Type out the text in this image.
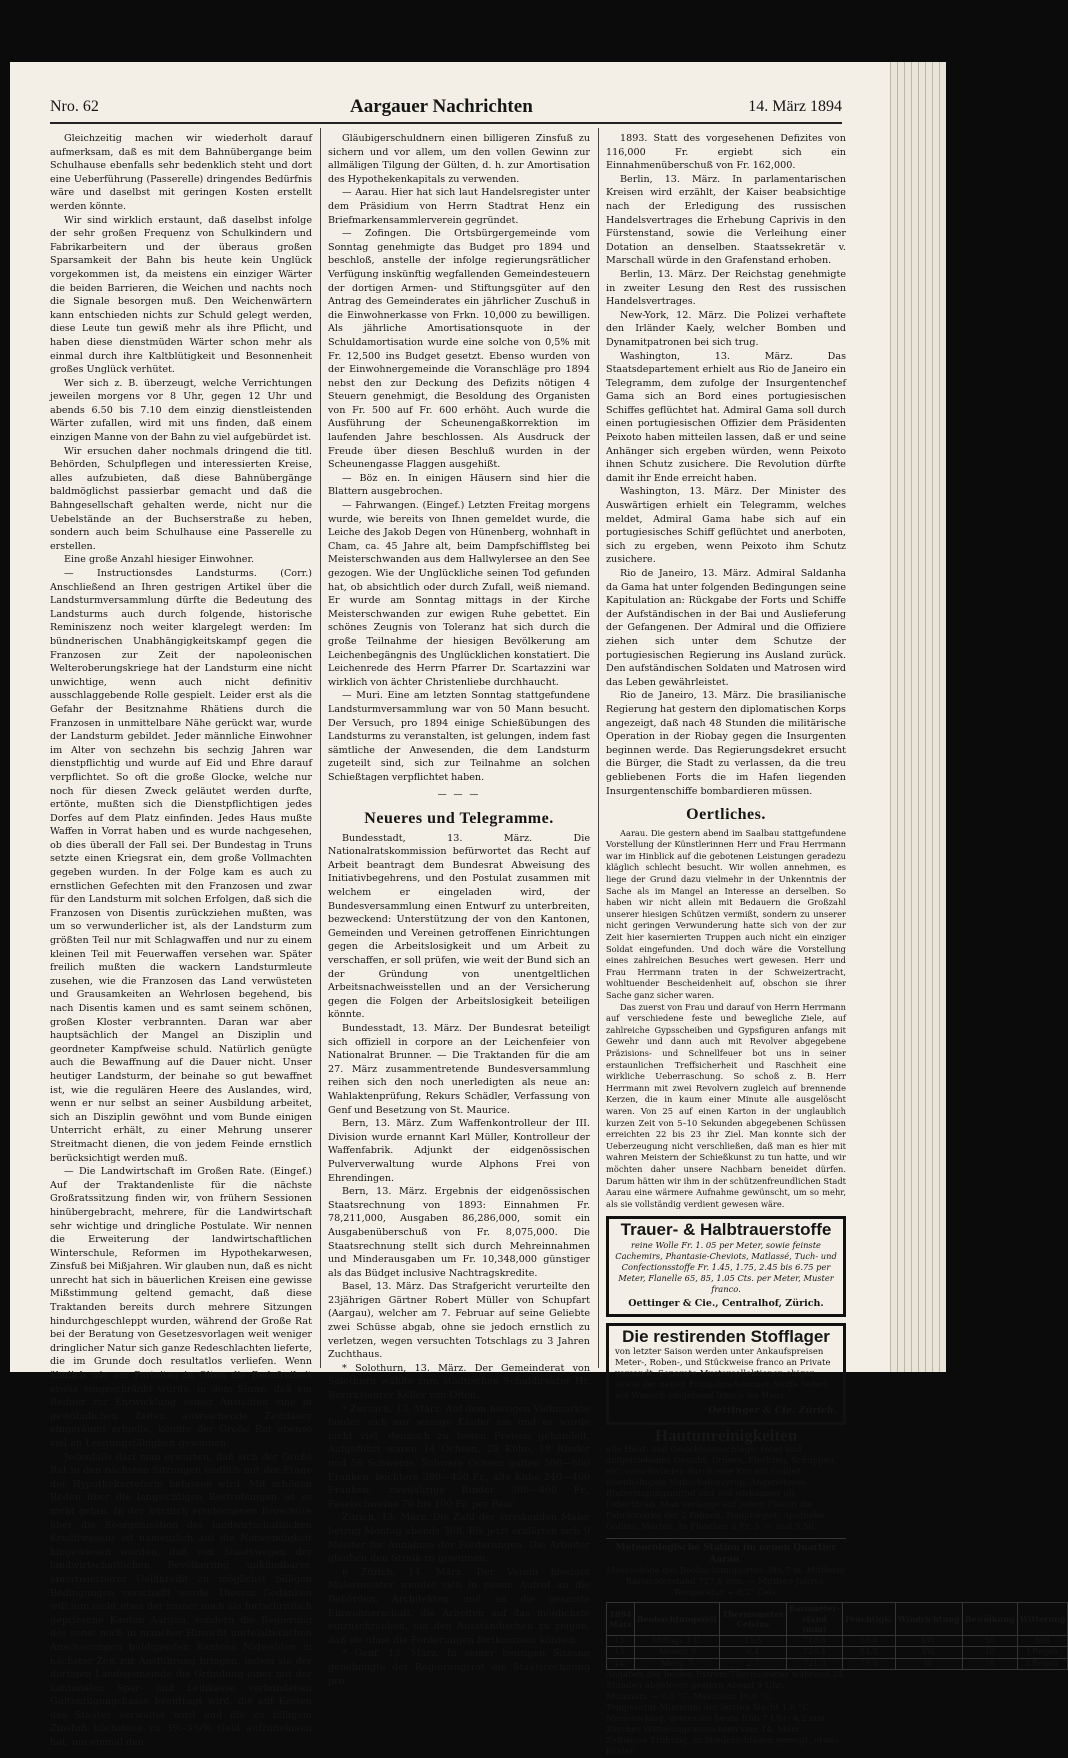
Nro. 62	Aargauer Nachrichten	14. März 1894

Gleichzeitig machen wir wiederholt darauf aufmerksam, daß es mit dem Bahnübergange beim Schulhause ebenfalls sehr bedenklich steht und dort eine Ueberführung (Passerelle) dringendes Bedürfnis wäre und daselbst mit geringen Kosten erstellt werden könnte.

Wir sind wirklich erstaunt, daß daselbst infolge der sehr großen Frequenz von Schulkindern und Fabrikarbeitern und der überaus großen Sparsamkeit der Bahn bis heute kein Unglück vorgekommen ist, da meistens ein einziger Wärter die beiden Barrieren, die Weichen und nachts noch die Signale besorgen muß. Den Weichenwärtern kann entschieden nichts zur Schuld gelegt werden, diese Leute tun gewiß mehr als ihre Pflicht, und haben diese dienstmüden Wärter schon mehr als einmal durch ihre Kaltblütigkeit und Besonnenheit großes Unglück verhütet.

Wer sich z. B. überzeugt, welche Verrichtungen jeweilen morgens vor 8 Uhr, gegen 12 Uhr und abends 6.50 bis 7.10 dem einzig dienstleistenden Wärter zufallen, wird mit uns finden, daß einem einzigen Manne von der Bahn zu viel aufgebürdet ist.

Wir ersuchen daher nochmals dringend die titl. Behörden, Schulpflegen und interessierten Kreise, alles aufzubieten, daß diese Bahnübergänge baldmöglichst passierbar gemacht und daß die Bahngesellschaft gehalten werde, nicht nur die Uebelstände an der Buchserstraße zu heben, sondern auch beim Schulhause eine Passerelle zu erstellen.

Eine große Anzahl hiesiger Einwohner.

— Instructionsdes Landsturms. (Corr.) Anschließend an Ihren gestrigen Artikel über die Landsturmversammlung dürfte die Bedeutung des Landsturms auch durch folgende, historische Reminiszenz noch weiter klargelegt werden: Im bündnerischen Unabhängigkeitskampf gegen die Franzosen zur Zeit der napoleonischen Welteroberungskriege hat der Landsturm eine nicht unwichtige, wenn auch nicht definitiv ausschlaggebende Rolle gespielt. Leider erst als die Gefahr der Besitznahme Rhätiens durch die Franzosen in unmittelbare Nähe gerückt war, wurde der Landsturm gebildet. Jeder männliche Einwohner im Alter von sechzehn bis sechzig Jahren war dienstpflichtig und wurde auf Eid und Ehre darauf verpflichtet. So oft die große Glocke, welche nur noch für diesen Zweck geläutet werden durfte, ertönte, mußten sich die Dienstpflichtigen jedes Dorfes auf dem Platz einfinden. Jedes Haus mußte Waffen in Vorrat haben und es wurde nachgesehen, ob dies überall der Fall sei. Der Bundestag in Truns setzte einen Kriegsrat ein, dem große Vollmachten gegeben wurden. In der Folge kam es auch zu ernstlichen Gefechten mit den Franzosen und zwar für den Landsturm mit solchen Erfolgen, daß sich die Franzosen von Disentis zurückziehen mußten, was um so verwunderlicher ist, als der Landsturm zum größten Teil nur mit Schlagwaffen und nur zu einem kleinen Teil mit Feuerwaffen versehen war. Später freilich mußten die wackern Landsturmleute zusehen, wie die Franzosen das Land verwüsteten und Grausamkeiten an Wehrlosen begehend, bis nach Disentis kamen und es samt seinem schönen, großen Kloster verbrannten. Daran war aber hauptsächlich der Mangel an Disziplin und geordneter Kampfweise schuld. Natürlich genügte auch die Bewaffnung auf die Dauer nicht. Unser heutiger Landsturm, der beinahe so gut bewaffnet ist, wie die regulären Heere des Auslandes, wird, wenn er nur selbst an seiner Ausbildung arbeitet, sich an Disziplin gewöhnt und vom Bunde einigen Unterricht erhält, zu einer Mehrung unserer Streitmacht dienen, die von jedem Feinde ernstlich berücksichtigt werden muß.

— Die Landwirtschaft im Großen Rate. (Eingef.) Auf der Traktandenliste für die nächste Großratssitzung finden wir, von frühern Sessionen hinübergebracht, mehrere, für die Landwirtschaft sehr wichtige und dringliche Postulate. Wir nennen die Erweiterung der landwirtschaftlichen Winterschule, Reformen im Hypothekarwesen, Zinsfuß bei Mißjahren. Wir glauben nun, daß es nicht unrecht hat sich in bäuerlichen Kreisen eine gewisse Mißstimmung geltend gemacht, daß diese Traktanden bereits durch mehrere Sitzungen hindurchgeschleppt wurden, während der Große Rat bei der Beratung von Gesetzesvorlagen weit weniger dringlicher Natur sich ganze Redeschlachten lieferte, die im Grunde doch resultatlos verliefen. Wenn ähnlich wie am Parteitag in Olten die Redefreiheit etwas eingeschränkt würde, in dem Sinne, daß ein Redner zur Entwicklung seiner Ansichten eine in gewöhnlichen Zeiten ausreichende Zeitdauer eingeräumt erhielte, könnte der Große Rat ebenso viel an Leistungsfähigkeit gewinnen.

Jedenfalls darf man erwarten, daß sich der Große Rat in den nächsten Sitzungen endlich mit der Frage der Hypothekarreform befassen wird. Mit schönen Reden über die langsichtigen Bestrebungen ist es nicht getan. In der kürzlich erschienenen Broschüre über die Reorganisation des landwirtschaftlichen Kreditwesens ist namentlich auf die Notwendigkeit hingewiesen worden, daß von Staatswegen der landwirtschaftlichen Bevölkerung unkündbarer, amortisierbarer Geldkredit zu möglichst billigen Bedingungen verschafft werde. Diesem Gedanken will nun nicht etwa der immer noch als fortschrittlich gepriesene Kanton Aargau, sondern die Regierung des sonst noch in mancher Hinsicht mittelalterlichen Anschauungen huldigenden Kantons Nidwalden in nächster Zeit zur Ausführung bringen, indem sie der dortigen Landsgemeinde die Gründung einer mit der kantonalen Spar- und Leihkasse verbundenen Gültentilgungskasse beantragt wird, die auf Kosten des Staates verwaltet wird und die zu billigem Zinsfuß höchstens zu 3½–3¾% Geld aufzunehmen hat, um einmal den

Gläubigerschuldnern einen billigeren Zinsfuß zu sichern und vor allem, um den vollen Gewinn zur allmäligen Tilgung der Gülten, d. h. zur Amortisation des Hypothekenkapitals zu verwenden.

— Aarau. Hier hat sich laut Handelsregister unter dem Präsidium von Herrn Stadtrat Henz ein Briefmarkensammlerverein gegründet.

— Zofingen. Die Ortsbürgergemeinde vom Sonntag genehmigte das Budget pro 1894 und beschloß, anstelle der infolge regierungsrätlicher Verfügung inskünftig wegfallenden Gemeindesteuern der dortigen Armen- und Stiftungsgüter auf den Antrag des Gemeinderates ein jährlicher Zuschuß in die Einwohnerkasse von Frkn. 10,000 zu bewilligen. Als jährliche Amortisationsquote in der Schuldamortisation wurde eine solche von 0,5% mit Fr. 12,500 ins Budget gesetzt. Ebenso wurden von der Einwohnergemeinde die Voranschläge pro 1894 nebst den zur Deckung des Defizits nötigen 4 Steuern genehmigt, die Besoldung des Organisten von Fr. 500 auf Fr. 600 erhöht. Auch wurde die Ausführung der Scheunengaßkorrektion im laufenden Jahre beschlossen. Als Ausdruck der Freude über diesen Beschluß wurden in der Scheunengasse Flaggen ausgehißt.

— Böz en. In einigen Häusern sind hier die Blattern ausgebrochen.

— Fahrwangen. (Eingef.) Letzten Freitag morgens wurde, wie bereits von Ihnen gemeldet wurde, die Leiche des Jakob Degen von Hünenberg, wohnhaft in Cham, ca. 45 Jahre alt, beim Dampfschifflsteg bei Meisterschwanden aus dem Hallwylersee an den See gezogen. Wie der Unglückliche seinen Tod gefunden hat, ob absichtlich oder durch Zufall, weiß niemand. Er wurde am Sonntag mittags in der Kirche Meisterschwanden zur ewigen Ruhe gebettet. Ein schönes Zeugnis von Toleranz hat sich durch die große Teilnahme der hiesigen Bevölkerung am Leichenbegängnis des Unglücklichen konstatiert. Die Leichenrede des Herrn Pfarrer Dr. Scartazzini war wirklich von ächter Christenliebe durchhaucht.

— Muri. Eine am letzten Sonntag stattgefundene Landsturmversammlung war von 50 Mann besucht. Der Versuch, pro 1894 einige Schießübungen des Landsturms zu veranstalten, ist gelungen, indem fast sämtliche der Anwesenden, die dem Landsturm zugeteilt sind, sich zur Teilnahme an solchen Schießtagen verpflichtet haben.

— — —
Neueres und Telegramme.

Bundesstadt, 13. März. Die Nationalratskommission befürwortet das Recht auf Arbeit beantragt dem Bundesrat Abweisung des Initiativbegehrens, und den Postulat zusammen mit welchem er eingeladen wird, der Bundesversammlung einen Entwurf zu unterbreiten, bezweckend: Unterstützung der von den Kantonen, Gemeinden und Vereinen getroffenen Einrichtungen gegen die Arbeitslosigkeit und um Arbeit zu verschaffen, er soll prüfen, wie weit der Bund sich an der Gründung von unentgeltlichen Arbeitsnachweisstellen und an der Versicherung gegen die Folgen der Arbeitslosigkeit beteiligen könnte.

Bundesstadt, 13. März. Der Bundesrat beteiligt sich offiziell in corpore an der Leichenfeier von Nationalrat Brunner. — Die Traktanden für die am 27. März zusammentretende Bundesversammlung reihen sich den noch unerledigten als neue an: Wahlaktenprüfung, Rekurs Schädler, Verfassung von Genf und Besetzung von St. Maurice.

Bern, 13. März. Zum Waffenkontrolleur der III. Division wurde ernannt Karl Müller, Kontrolleur der Waffenfabrik. Adjunkt der eidgenössischen Pulververwaltung wurde Alphons Frei von Ehrendingen.

Bern, 13. März. Ergebnis der eidgenössischen Staatsrechnung von 1893: Einnahmen Fr. 78,211,000, Ausgaben 86,286,000, somit ein Ausgabenüberschuß von Fr. 8,075,000. Die Staatsrechnung stellt sich durch Mehreinnahmen und Minderausgaben um Fr. 10,348,000 günstiger als das Büdget inclusive Nachtragskredite.

Basel, 13. März. Das Strafgericht verurteilte den 23jährigen Gärtner Robert Müller von Schupfart (Aargau), welcher am 7. Februar auf seine Geliebte zwei Schüsse abgab, ohne sie jedoch ernstlich zu verletzen, wegen versuchten Totschlags zu 3 Jahren Zuchthaus.

* Solothurn, 13. März. Der Gemeinderat von Solothurn wählte zum städtischen Schuldirektor Hr. Bezirkslehrer Keller von Olten.

* Zurzach, 13. März. Auf dem hiesigen Viehmarkte fanden sich nur wenige Käufer ein und es wurde nicht viel, dennoch zu festen Preisen gehandelt. Aufgeführt waren 14 Ochsen, 28 Kühe, 19 Rinder und 56 Schweine. Schwere Ochsen galten 500—600 Franken, leichtere 380—450 Fr., alte Kühe 240—400 Franken, zweijährige Rinder 300—460 Fr., Faselschweine 70 bis 100 Fr. per Paar.

Zürich, 13. März. Die Zahl der streikenden Maler betrug Montag abends 368. Bis jetzt erklärten sich 9 Meister für Annahme der Forderungen. Die Arbeiter glauben den Streik zu gewinnen.

n Zürich, 14. März. Der Verein hiesiger Malermeister wendet sich in einem Aufruf an die Behörden, Architekten und an die gesamte Einwohnerschaft, die Arbeiten auf das möglichste einzuschränken, um den Ausständischen zu zeigen, daß sie ohne die Forderungen fortkommen können.

* Genf, 13. März. In seiner heutigen Sitzung genehmigte der Regierungsrat die Staatsrechnung pro

1893. Statt des vorgesehenen Defizites von 116,000 Fr. ergiebt sich ein Einnahmenüberschuß von Fr. 162,000.

Berlin, 13. März. In parlamentarischen Kreisen wird erzählt, der Kaiser beabsichtige nach der Erledigung des russischen Handelsvertrages die Erhebung Caprivis in den Fürstenstand, sowie die Verleihung einer Dotation an denselben. Staatssekretär v. Marschall würde in den Grafenstand erhoben.

Berlin, 13. März. Der Reichstag genehmigte in zweiter Lesung den Rest des russischen Handelsvertrages.

New-York, 12. März. Die Polizei verhaftete den Irländer Kaely, welcher Bomben und Dynamitpatronen bei sich trug.

Washington, 13. März. Das Staatsdepartement erhielt aus Rio de Janeiro ein Telegramm, dem zufolge der Insurgentenchef Gama sich an Bord eines portugiesischen Schiffes geflüchtet hat. Admiral Gama soll durch einen portugiesischen Offizier dem Präsidenten Peixoto haben mitteilen lassen, daß er und seine Anhänger sich ergeben würden, wenn Peixoto ihnen Schutz zusichere. Die Revolution dürfte damit ihr Ende erreicht haben.

Washington, 13. März. Der Minister des Auswärtigen erhielt ein Telegramm, welches meldet, Admiral Gama habe sich auf ein portugiesisches Schiff geflüchtet und anerboten, sich zu ergeben, wenn Peixoto ihm Schutz zusichere.

Rio de Janeiro, 13. März. Admiral Saldanha da Gama hat unter folgenden Bedingungen seine Kapitulation an: Rückgabe der Forts und Schiffe der Aufständischen in der Bai und Auslieferung der Gefangenen. Der Admiral und die Offiziere ziehen sich unter dem Schutze der portugiesischen Regierung ins Ausland zurück. Den aufständischen Soldaten und Matrosen wird das Leben gewährleistet.

Rio de Janeiro, 13. März. Die brasilianische Regierung hat gestern den diplomatischen Korps angezeigt, daß nach 48 Stunden die militärische Operation in der Riobay gegen die Insurgenten beginnen werde. Das Regierungsdekret ersucht die Bürger, die Stadt zu verlassen, da die treu gebliebenen Forts die im Hafen liegenden Insurgentenschiffe bombardieren müssen.

Oertliches.

Aarau. Die gestern abend im Saalbau stattgefundene Vorstellung der Künstlerinnen Herr und Frau Herrmann war im Hinblick auf die gebotenen Leistungen geradezu kläglich schlecht besucht. Wir wollen annehmen, es liege der Grund dazu vielmehr in der Unkenntnis der Sache als im Mangel an Interesse an derselben. So haben wir nicht allein mit Bedauern die Großzahl unserer hiesigen Schützen vermißt, sondern zu unserer nicht geringen Verwunderung hatte sich von der zur Zeit hier kasernierten Truppen auch nicht ein einziger Soldat eingefunden. Und doch wäre die Vorstellung eines zahlreichen Besuches wert gewesen. Herr und Frau Herrmann traten in der Schweizertracht, wohltuender Bescheidenheit auf, obschon sie ihrer Sache ganz sicher waren.

Das zuerst von Frau und darauf von Herrn Herrmann auf verschiedene feste und bewegliche Ziele, auf zahlreiche Gypsscheiben und Gypsfiguren anfangs mit Gewehr und dann auch mit Revolver abgegebene Präzisions- und Schnellfeuer bot uns in seiner erstaunlichen Treffsicherheit und Raschheit eine wirkliche Ueberraschung. So schoß z. B. Herr Herrmann mit zwei Revolvern zugleich auf brennende Kerzen, die in kaum einer Minute alle ausgelöscht waren. Von 25 auf einen Karton in der unglaublich kurzen Zeit von 5–10 Sekunden abgegebenen Schüssen erreichten 22 bis 23 ihr Ziel. Man konnte sich der Ueberzeugung nicht verschließen, daß man es hier mit wahren Meistern der Schießkunst zu tun hatte, und wir möchten daher unsere Nachbarn beneidet dürfen. Darum hätten wir ihm in der schützenfreundlichen Stadt Aarau eine wärmere Aufnahme gewünscht, um so mehr, als sie vollständig verdient gewesen wäre.

Trauer- & Halbtrauerstoffe
reine Wolle Fr. 1. 05 per Meter, sowie feinste Cachemirs, Phantasie-Cheviots, Matlassé, Tuch- und Confectionsstoffe Fr. 1.45, 1.75, 2.45 bis 6.75 per Meter, Flanelle 65, 85, 1.05 Cts. per Meter, Muster franco.
Oettinger & Cie., Centralhof, Zürich.
Die restirenden Stofflager
von letzter Saison werden unter Ankaufspreisen Meter-, Roben-, und Stückweise franco an Private versandt. Separate Mustercollektionen obiger, sowie der neuen Frühjahrs-Sommer-Stoffe liefert auf Wunsch umgehend franco ins Haus.
Oettinger & Cie. Zürich.
Hautunreinigkeiten
alle Haut- und Gesichtsausschläge, rotes und aufgetriebenes Gesicht, Drüsen, Flechten, Schuppen etc. verschwinden durch eine Kur mit Golliez eisenhaltigem Nußschalensyrup. Angenehmes Blutreinigungsmittel und viel wirksamer als Leberthran. Man verlange auf jedem Flacon die Fabrikmarke der 2 Palmen. Hauptdepot: Apotheke Golliez, Murten. In Flaschen à Fr. 3. — und 5.50.
Meteorologische Station im neuen Quartier Aarau.
Meereshöhe des Beobachtungsortes 396,7 m. Mittlerer Barometerstand 727,8 mm. — Mittlere Jahres-Temperatur + 8,2° Cels.
1894 März	Beobachtungszeit	Thermometer Celsius	Barometer-stand (mm)	Feuchtigk.	Windrichtung	Bewölkung	Witterung
13.	Mittags 1 U.	15,5	718,8	55,0	SW.	56	hell
13.	Abends 9	6,4	720,4	84,5	SW.	10	l.Regen
14.	Morg. 7	2,7	721,3	75,5	W.	10	l.Regen
Angaben der beiden Extrem-Thermometer während 24 Stunden abgelesen gestern Abend 9 Uhr:
Minimum — 0,5 °C. Maximum 16,6 °C.
Temperatur-Minimum der letzten Nacht 1,8 °C.
Niederschlag, gemessen heute früh 7 Uhr: 4,2 mm.
Zürcher Witterungsaussichten vom 14. März.
Zeitweise Trübung, zu Niederschlägen geneigt, etwas kühler.
